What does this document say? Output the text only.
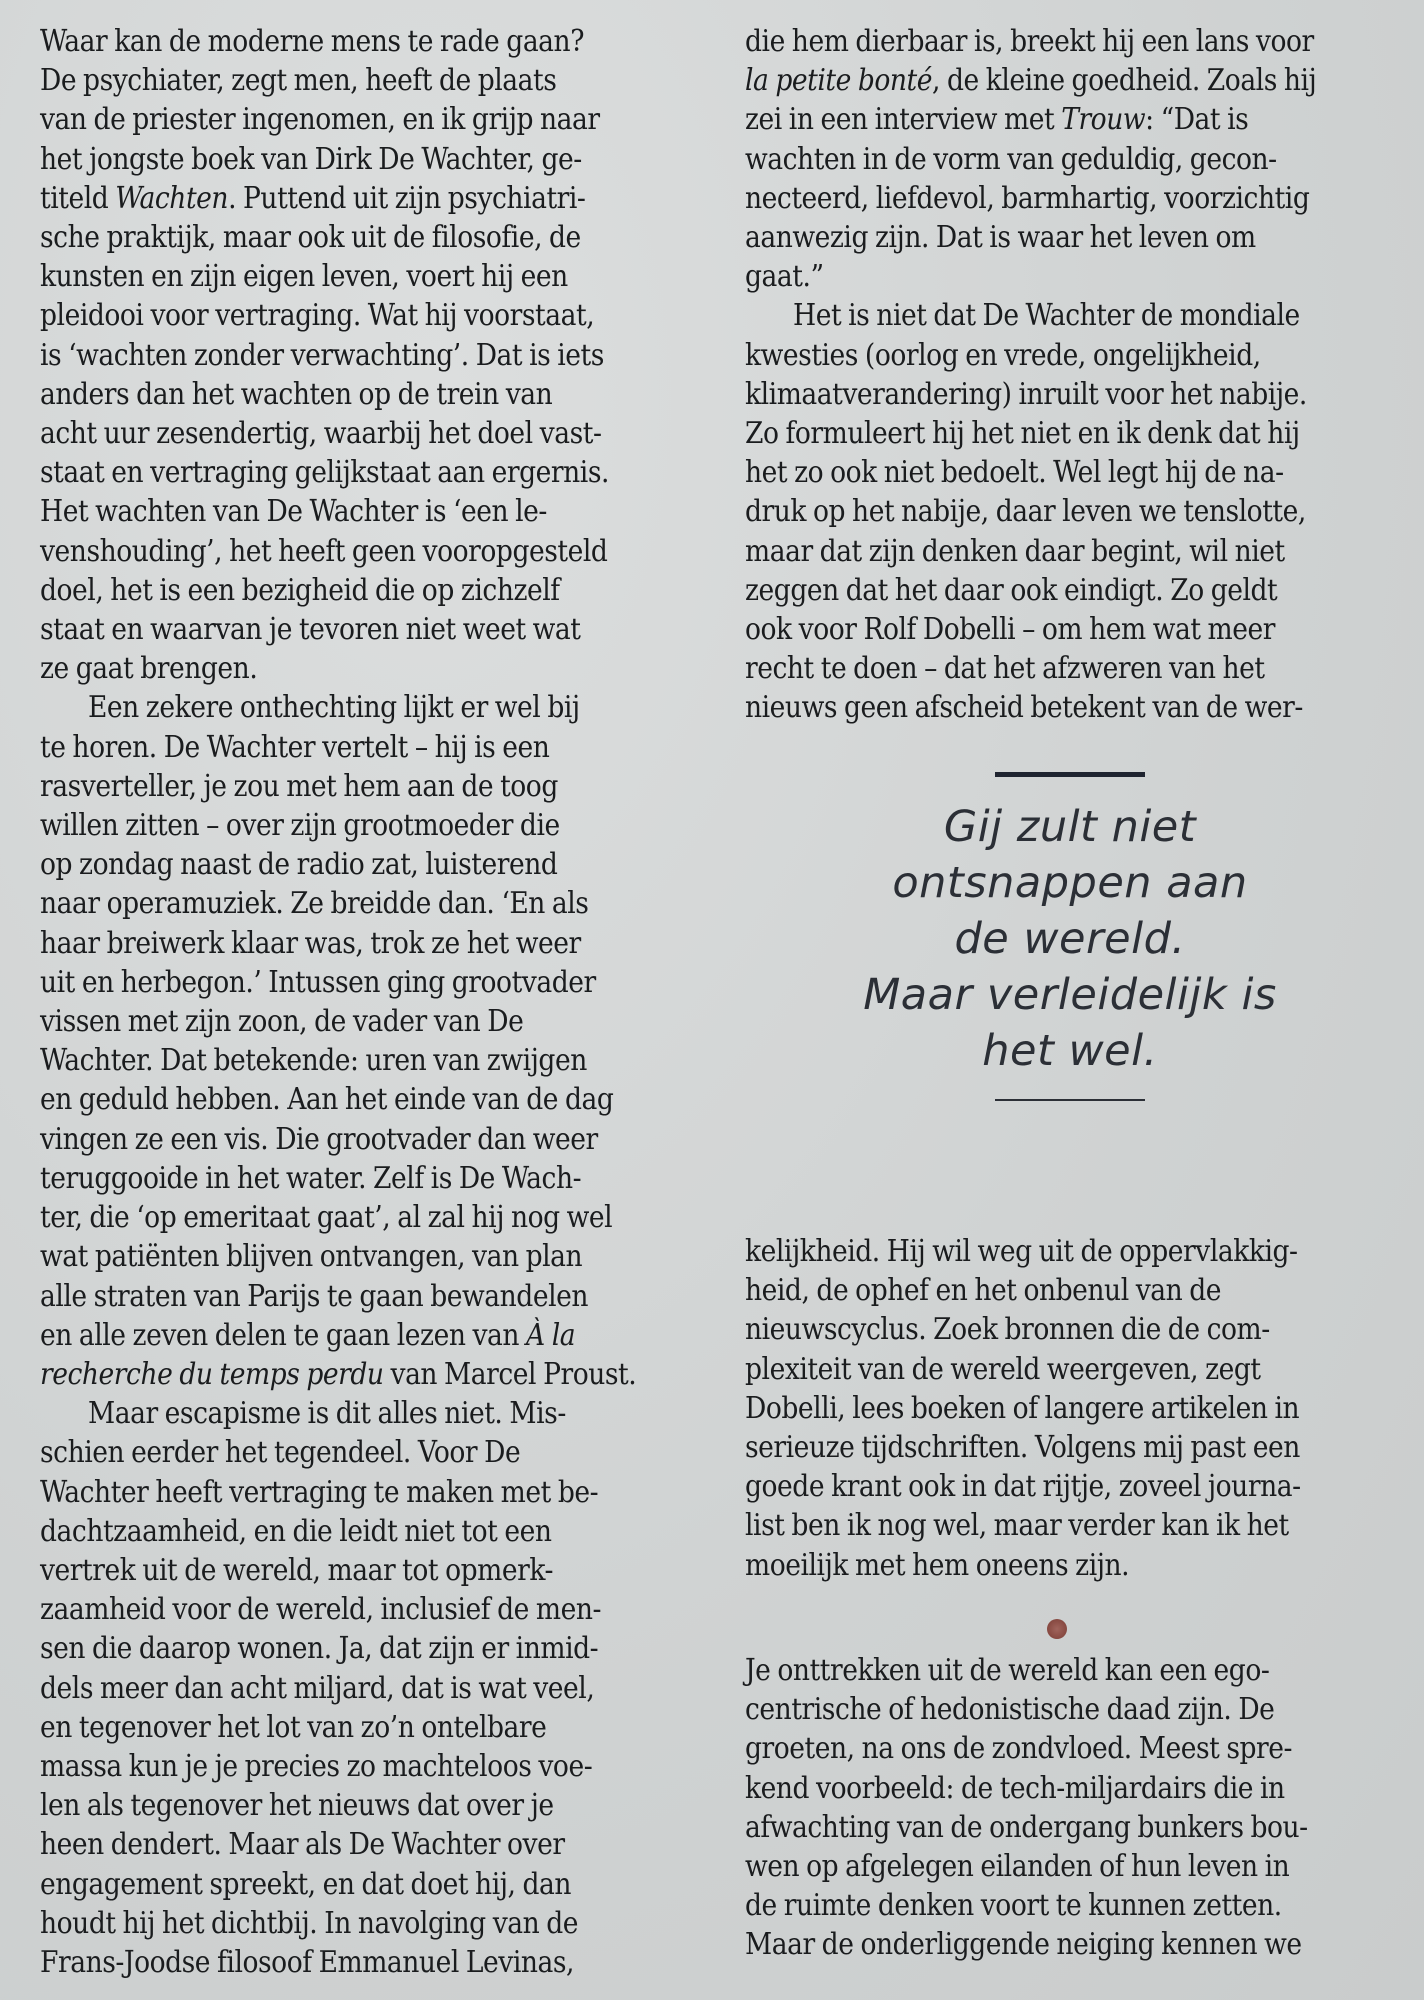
Waar kan de moderne mens te rade gaan?
De psychiater, zegt men, heeft de plaats
van de priester ingenomen, en ik grijp naar
het jongste boek van Dirk De Wachter, ge-
titeld Wachten. Puttend uit zijn psychiatri-
sche praktijk, maar ook uit de filosofie, de
kunsten en zijn eigen leven, voert hij een
pleidooi voor vertraging. Wat hij voorstaat,
is ‘wachten zonder verwachting’. Dat is iets
anders dan het wachten op de trein van
acht uur zesendertig, waarbij het doel vast-
staat en vertraging gelijkstaat aan ergernis.
Het wachten van De Wachter is ‘een le-
venshouding’, het heeft geen vooropgesteld
doel, het is een bezigheid die op zichzelf
staat en waarvan je tevoren niet weet wat
ze gaat brengen.
Een zekere onthechting lijkt er wel bij
te horen. De Wachter vertelt – hij is een
rasverteller, je zou met hem aan de toog
willen zitten – over zijn grootmoeder die
op zondag naast de radio zat, luisterend
naar operamuziek. Ze breidde dan. ‘En als
haar breiwerk klaar was, trok ze het weer
uit en herbegon.’ Intussen ging grootvader
vissen met zijn zoon, de vader van De
Wachter. Dat betekende: uren van zwijgen
en geduld hebben. Aan het einde van de dag
vingen ze een vis. Die grootvader dan weer
teruggooide in het water. Zelf is De Wach-
ter, die ‘op emeritaat gaat’, al zal hij nog wel
wat patiënten blijven ontvangen, van plan
alle straten van Parijs te gaan bewandelen
en alle zeven delen te gaan lezen van À la
recherche du temps perdu van Marcel Proust.
Maar escapisme is dit alles niet. Mis-
schien eerder het tegendeel. Voor De
Wachter heeft vertraging te maken met be-
dachtzaamheid, en die leidt niet tot een
vertrek uit de wereld, maar tot opmerk-
zaamheid voor de wereld, inclusief de men-
sen die daarop wonen. Ja, dat zijn er inmid-
dels meer dan acht miljard, dat is wat veel,
en tegenover het lot van zo’n ontelbare
massa kun je je precies zo machteloos voe-
len als tegenover het nieuws dat over je
heen dendert. Maar als De Wachter over
engagement spreekt, en dat doet hij, dan
houdt hij het dichtbij. In navolging van de
Frans-Joodse filosoof Emmanuel Levinas,
die hem dierbaar is, breekt hij een lans voor
la petite bonté, de kleine goedheid. Zoals hij
zei in een interview met Trouw: “Dat is
wachten in de vorm van geduldig, gecon-
necteerd, liefdevol, barmhartig, voorzichtig
aanwezig zijn. Dat is waar het leven om
gaat.”
Het is niet dat De Wachter de mondiale
kwesties (oorlog en vrede, ongelijkheid,
klimaatverandering) inruilt voor het nabije.
Zo formuleert hij het niet en ik denk dat hij
het zo ook niet bedoelt. Wel legt hij de na-
druk op het nabije, daar leven we tenslotte,
maar dat zijn denken daar begint, wil niet
zeggen dat het daar ook eindigt. Zo geldt
ook voor Rolf Dobelli – om hem wat meer
recht te doen – dat het afzweren van het
nieuws geen afscheid betekent van de wer-
Gij zult niet
ontsnappen aan
de wereld.
Maar verleidelijk is
het wel.
kelijkheid. Hij wil weg uit de oppervlakkig-
heid, de ophef en het onbenul van de
nieuwscyclus. Zoek bronnen die de com-
plexiteit van de wereld weergeven, zegt
Dobelli, lees boeken of langere artikelen in
serieuze tijdschriften. Volgens mij past een
goede krant ook in dat rijtje, zoveel journa-
list ben ik nog wel, maar verder kan ik het
moeilijk met hem oneens zijn.
Je onttrekken uit de wereld kan een ego-
centrische of hedonistische daad zijn. De
groeten, na ons de zondvloed. Meest spre-
kend voorbeeld: de tech-miljardairs die in
afwachting van de ondergang bunkers bou-
wen op afgelegen eilanden of hun leven in
de ruimte denken voort te kunnen zetten.
Maar de onderliggende neiging kennen we
